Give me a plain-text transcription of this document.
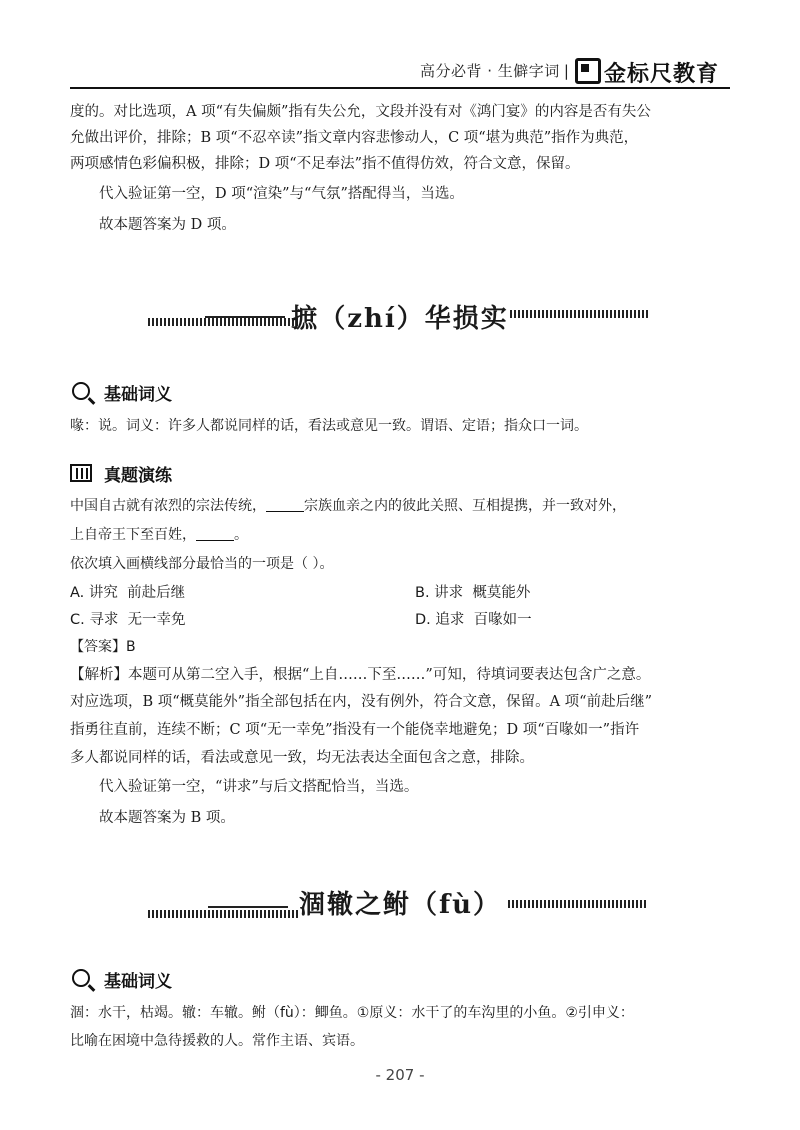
高分必背 · 生僻字词 |	金标尺教育
度的。对比选项，A 项“有失偏颇”指有失公允，文段并没有对《鸿门宴》的内容是否有失公
允做出评价，排除；B 项“不忍卒读”指文章内容悲惨动人，C 项“堪为典范”指作为典范，
两项感情色彩偏积极，排除；D 项“不足奉法”指不值得仿效，符合文意，保留。
代入验证第一空，D 项“渲染”与“气氛”搭配得当，当选。
故本题答案为 D 项。
摭（zhí）华损实
基础词义
喙：说。词义：许多人都说同样的话，看法或意见一致。谓语、定语；指众口一词。
真题演练
中国自古就有浓烈的宗法传统，	宗族血亲之内的彼此关照、互相提携，并一致对外，
上自帝王下至百姓，	。
依次填入画横线部分最恰当的一项是（ ）。
A. 讲究 前赴后继	B. 讲求 概莫能外
C. 寻求 无一幸免	D. 追求 百喙如一
【答案】B
【解析】本题可从第二空入手，根据“上自……下至……”可知，待填词要表达包含广之意。
对应选项，B 项“概莫能外”指全部包括在内，没有例外，符合文意，保留。A 项“前赴后继”
指勇往直前，连续不断；C 项“无一幸免”指没有一个能侥幸地避免；D 项“百喙如一”指许
多人都说同样的话，看法或意见一致，均无法表达全面包含之意，排除。
代入验证第一空，“讲求”与后文搭配恰当，当选。
故本题答案为 B 项。
涸辙之鲋（fù）
基础词义
涸：水干，枯竭。辙：车辙。鲋（fù）：鲫鱼。①原义：水干了的车沟里的小鱼。②引申义：
比喻在困境中急待援救的人。常作主语、宾语。
- 207 -
